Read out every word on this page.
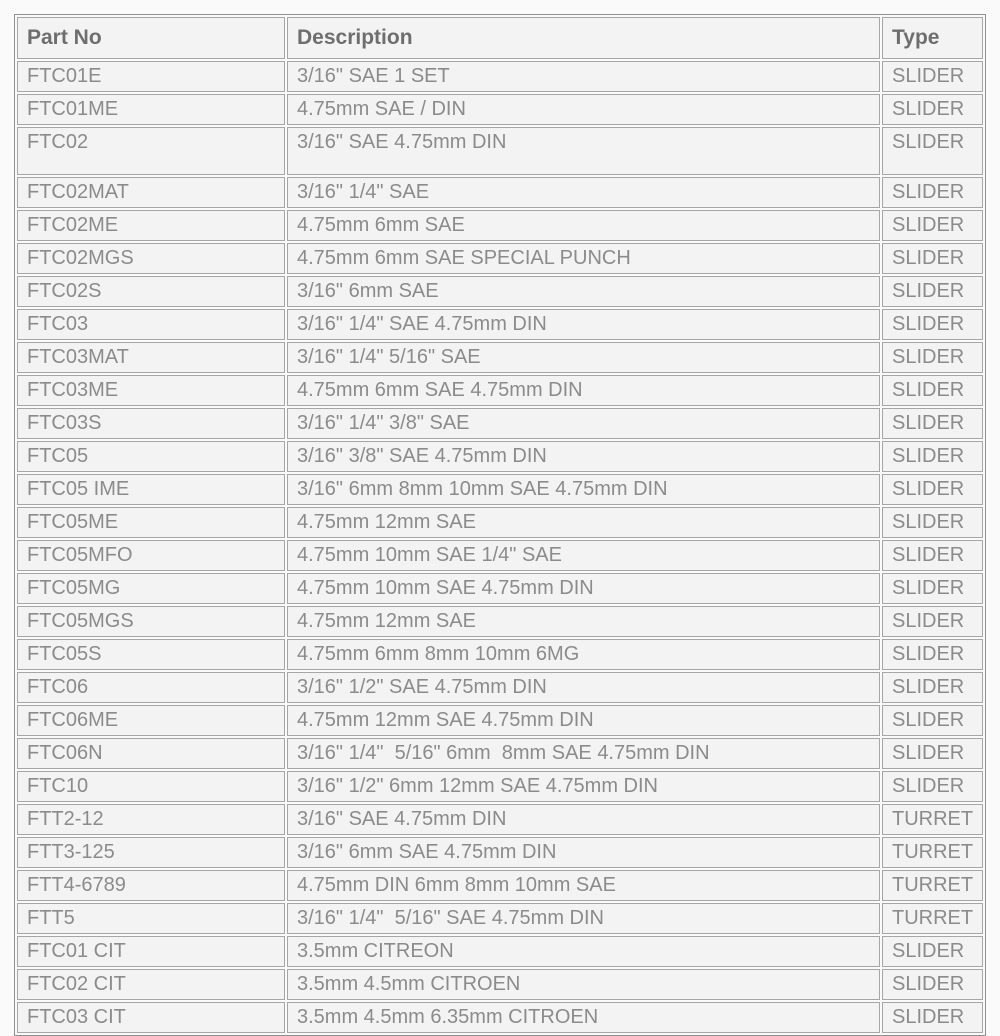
Part No	Description	Type
FTC01E	3/16" SAE 1 SET	SLIDER
FTC01ME	4.75mm SAE / DIN	SLIDER
FTC02	3/16" SAE 4.75mm DIN	SLIDER
FTC02MAT	3/16" 1/4" SAE	SLIDER
FTC02ME	4.75mm 6mm SAE	SLIDER
FTC02MGS	4.75mm 6mm SAE SPECIAL PUNCH	SLIDER
FTC02S	3/16" 6mm SAE	SLIDER
FTC03	3/16" 1/4" SAE 4.75mm DIN	SLIDER
FTC03MAT	3/16" 1/4" 5/16" SAE	SLIDER
FTC03ME	4.75mm 6mm SAE 4.75mm DIN	SLIDER
FTC03S	3/16" 1/4" 3/8" SAE	SLIDER
FTC05	3/16" 3/8" SAE 4.75mm DIN	SLIDER
FTC05 IME	3/16" 6mm 8mm 10mm SAE 4.75mm DIN	SLIDER
FTC05ME	4.75mm 12mm SAE	SLIDER
FTC05MFO	4.75mm 10mm SAE 1/4" SAE	SLIDER
FTC05MG	4.75mm 10mm SAE 4.75mm DIN	SLIDER
FTC05MGS	4.75mm 12mm SAE	SLIDER
FTC05S	4.75mm 6mm 8mm 10mm 6MG	SLIDER
FTC06	3/16" 1/2" SAE 4.75mm DIN	SLIDER
FTC06ME	4.75mm 12mm SAE 4.75mm DIN	SLIDER
FTC06N	3/16" 1/4"  5/16" 6mm  8mm SAE 4.75mm DIN	SLIDER
FTC10	3/16" 1/2" 6mm 12mm SAE 4.75mm DIN	SLIDER
FTT2-12	3/16" SAE 4.75mm DIN	TURRET
FTT3-125	3/16" 6mm SAE 4.75mm DIN	TURRET
FTT4-6789	4.75mm DIN 6mm 8mm 10mm SAE	TURRET
FTT5	3/16" 1/4"  5/16" SAE 4.75mm DIN	TURRET
FTC01 CIT	3.5mm CITREON	SLIDER
FTC02 CIT	3.5mm 4.5mm CITROEN	SLIDER
FTC03 CIT	3.5mm 4.5mm 6.35mm CITROEN	SLIDER
